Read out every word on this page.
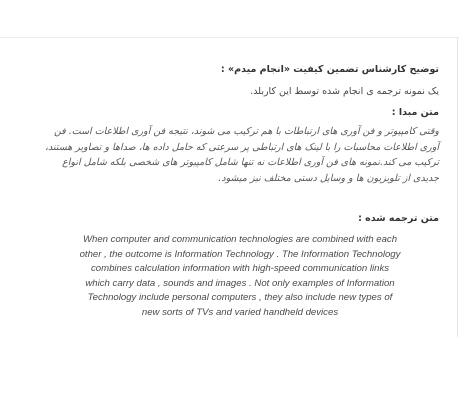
توضیح کارشناس تضمین کیفیت «انجام میدم» :
یک نمونه ترجمه ی انجام شده توسط این کاربلد.
متن مبدا :
وقتی کامپیوتر و فن آوری های ارتباطات با هم ترکیب می شوند، نتیجه فن آوری اطلاعات است. فن
آوری اطلاعات محاسبات را با لینک های ارتباطی پر سرعتی که حامل داده ها، صداها و تصاویر هستند،
ترکیب می کند.نمونه های فن آوری اطلاعات نه تنها شامل کامپیوتر های شخصی بلکه شامل انواع
جدیدی از تلویزیون ها و وسایل دستی مختلف نیز میشود.
متن ترجمه شده :
When computer and communication technologies are combined with each
other , the outcome is Information Technology . The Information Technology
combines calculation information with high-speed communication links
which carry data , sounds and images . Not only examples of Information
Technology include personal computers , they also include new types of
new sorts of TVs and varied handheld devices
